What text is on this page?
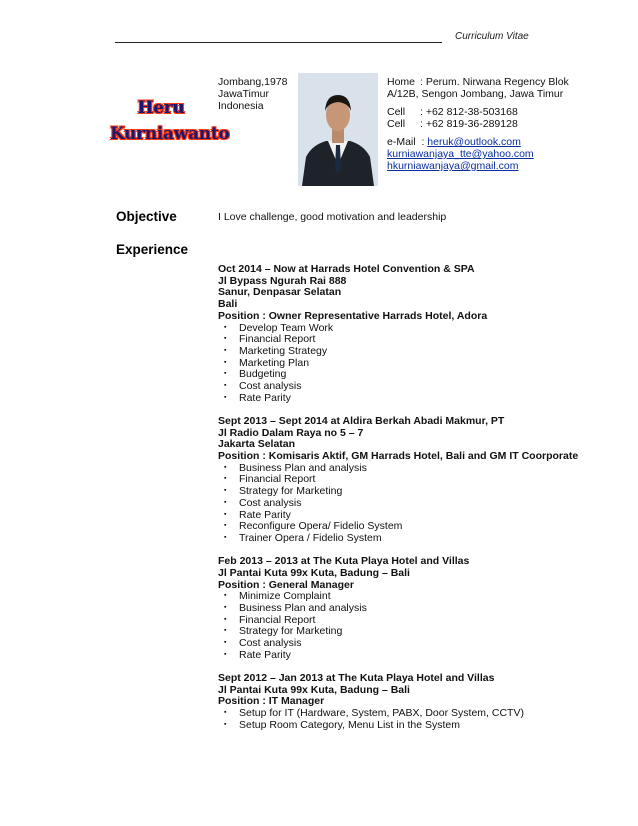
Curriculum Vitae
Heru
Kurniawanto
Jombang,1978
JawaTimur
Indonesia
Home : Perum. Nirwana Regency Blok
A/12B, Sengon Jombang, Jawa Timur
Cell : +62 812-38-503168
Cell : +62 819-36-289128
e-Mail : heruk@outlook.com
kurniawanjaya_tte@yahoo.com
hkurniawanjaya@gmail.com
Objective	I Love challenge, good motivation and leadership
Experience
Oct 2014 – Now at Harrads Hotel Convention & SPA
Jl Bypass Ngurah Rai 888
Sanur, Denpasar Selatan
Bali
Position : Owner Representative Harrads Hotel, Adora
▪ Develop Team Work
▪ Financial Report
▪ Marketing Strategy
▪ Marketing Plan
▪ Budgeting
▪ Cost analysis
▪ Rate Parity
Sept 2013 – Sept 2014 at Aldira Berkah Abadi Makmur, PT
Jl Radio Dalam Raya no 5 – 7
Jakarta Selatan
Position : Komisaris Aktif, GM Harrads Hotel, Bali and GM IT Coorporate
▪ Business Plan and analysis
▪ Financial Report
▪ Strategy for Marketing
▪ Cost analysis
▪ Rate Parity
▪ Reconfigure Opera/ Fidelio System
▪ Trainer Opera / Fidelio System
Feb 2013 – 2013 at The Kuta Playa Hotel and Villas
Jl Pantai Kuta 99x Kuta, Badung – Bali
Position : General Manager
▪ Minimize Complaint
▪ Business Plan and analysis
▪ Financial Report
▪ Strategy for Marketing
▪ Cost analysis
▪ Rate Parity
Sept 2012 – Jan 2013 at The Kuta Playa Hotel and Villas
Jl Pantai Kuta 99x Kuta, Badung – Bali
Position : IT Manager
▪ Setup for IT (Hardware, System, PABX, Door System, CCTV)
▪ Setup Room Category, Menu List in the System
